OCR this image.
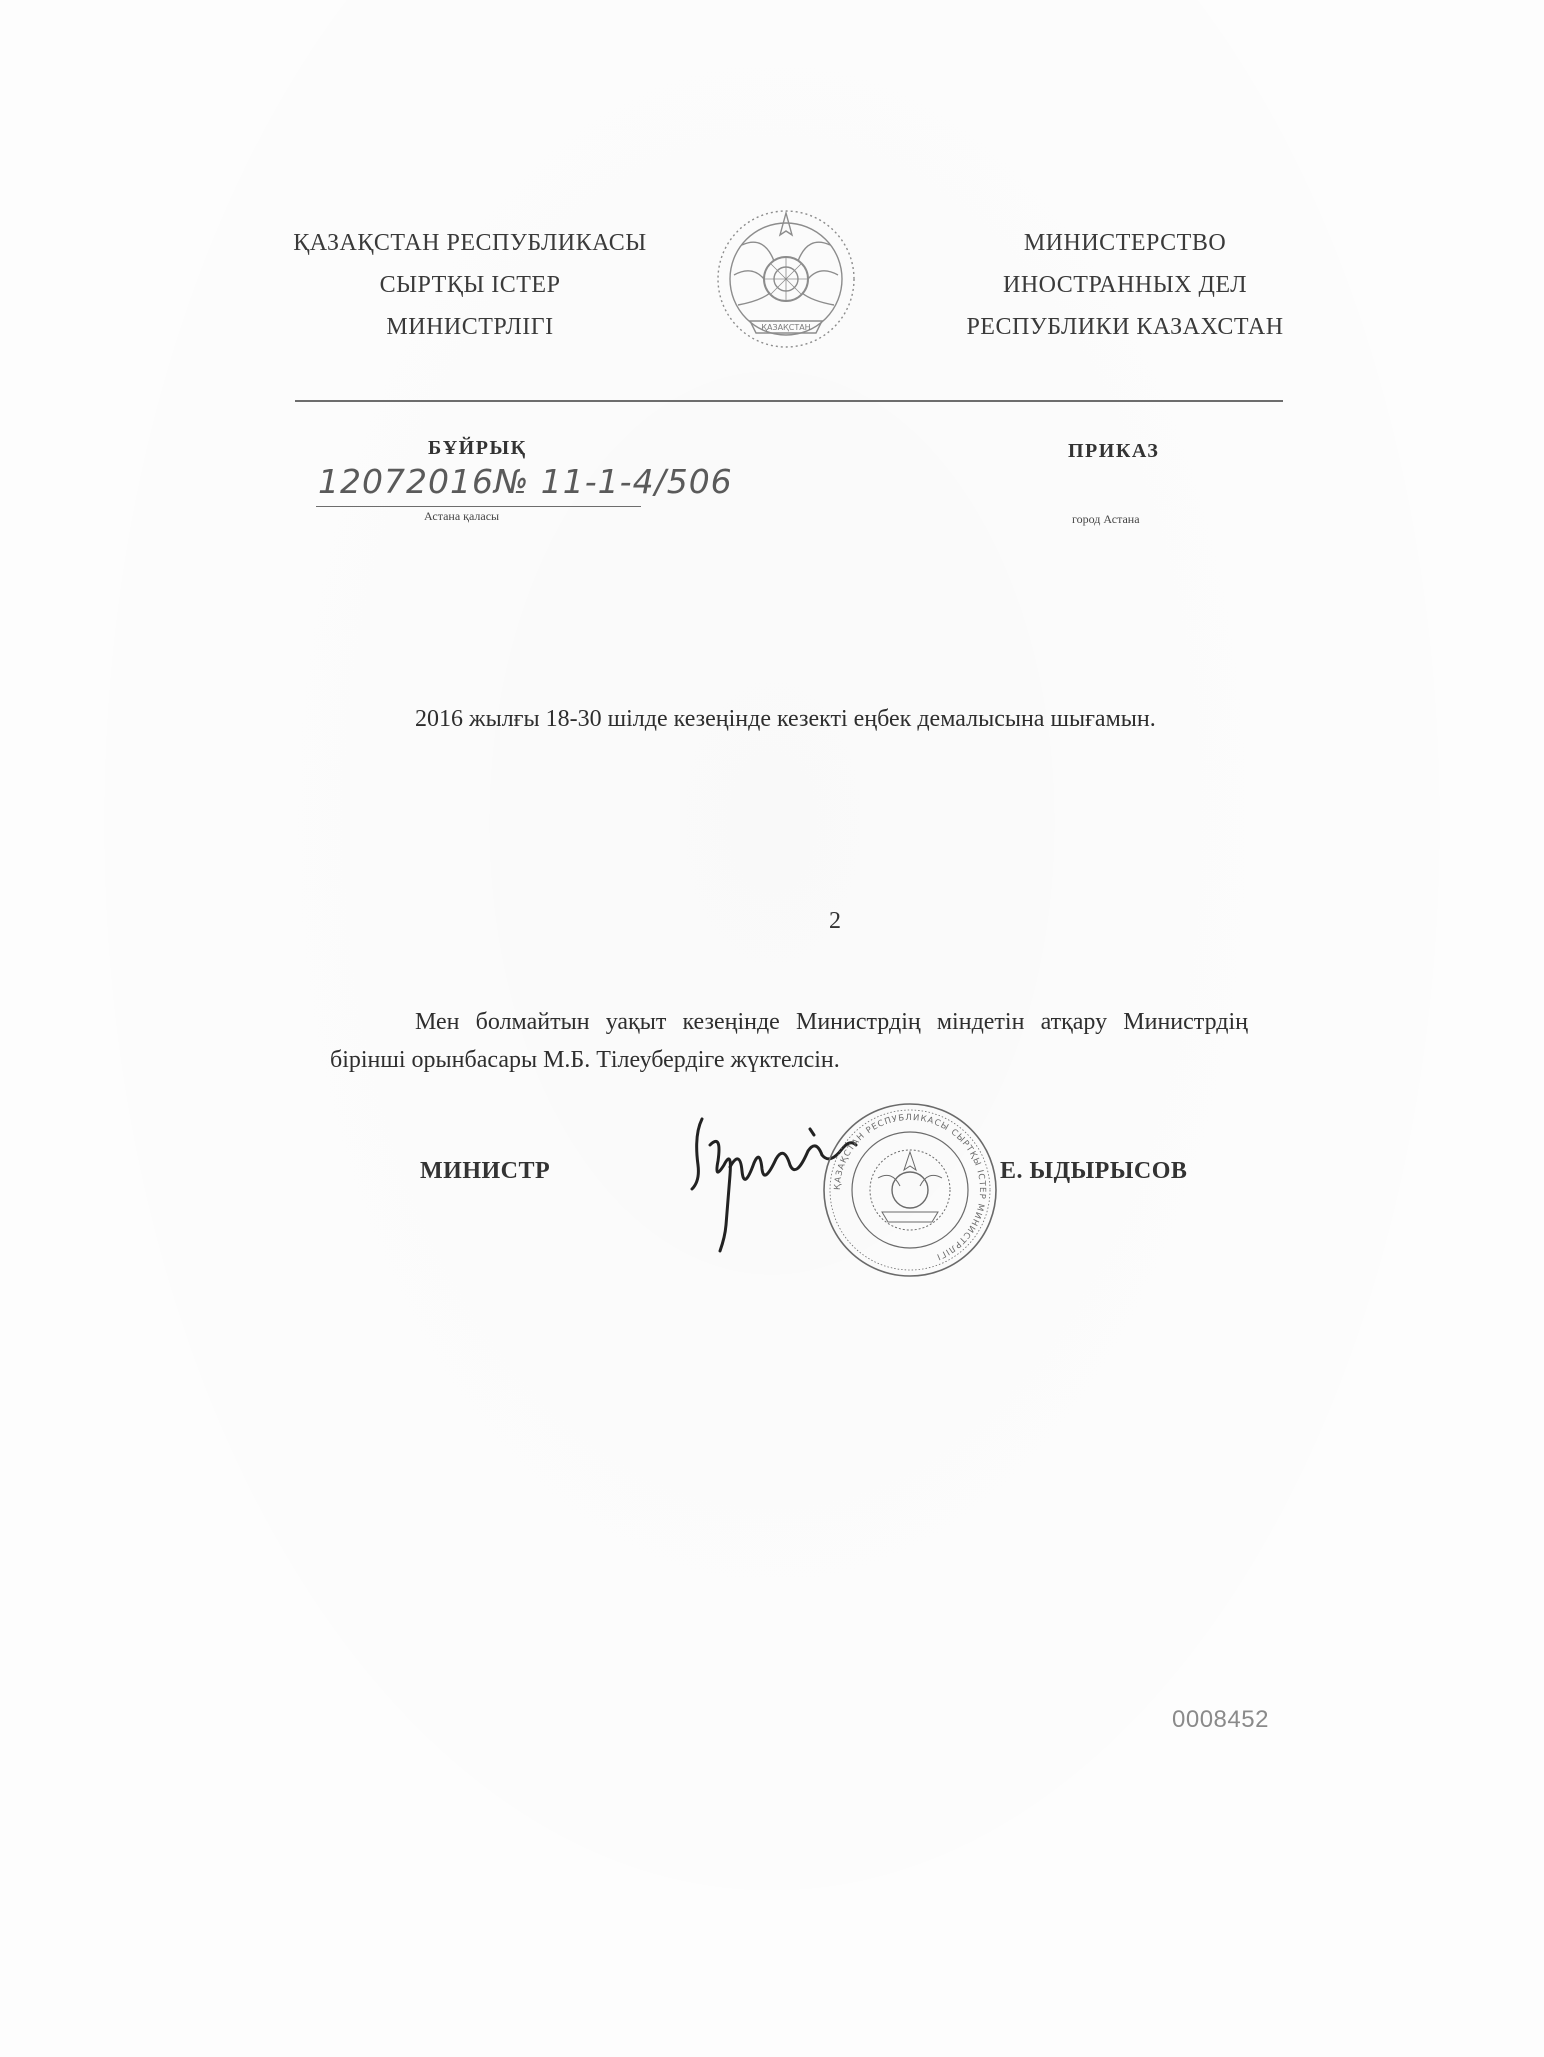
ҚАЗАҚСТАН РЕСПУБЛИКАСЫ
СЫРТҚЫ ІСТЕР
МИНИСТРЛІГІ	ҚАЗАҚСТАН
МИНИСТЕРСТВО
ИНОСТРАННЫХ ДЕЛ
РЕСПУБЛИКИ КАЗАХСТАН
БҰЙРЫҚ	ПРИКАЗ
12072016№ 11-1-4/506
Астана қаласы	город Астана
2016 жылғы 18-30 шілде кезеңінде кезекті еңбек демалысына шығамын.
2
Мен болмайтын уақыт кезеңінде Министрдің міндетін атқару Министрдің бірінші орынбасары М.Б. Тілеубердіге жүктелсін.
МИНИСТР
ҚАЗАҚСТАН РЕСПУБЛИКАСЫ СЫРТҚЫ ІСТЕР МИНИСТРЛІГІ
Е. ЫДЫРЫСОВ
0008452
